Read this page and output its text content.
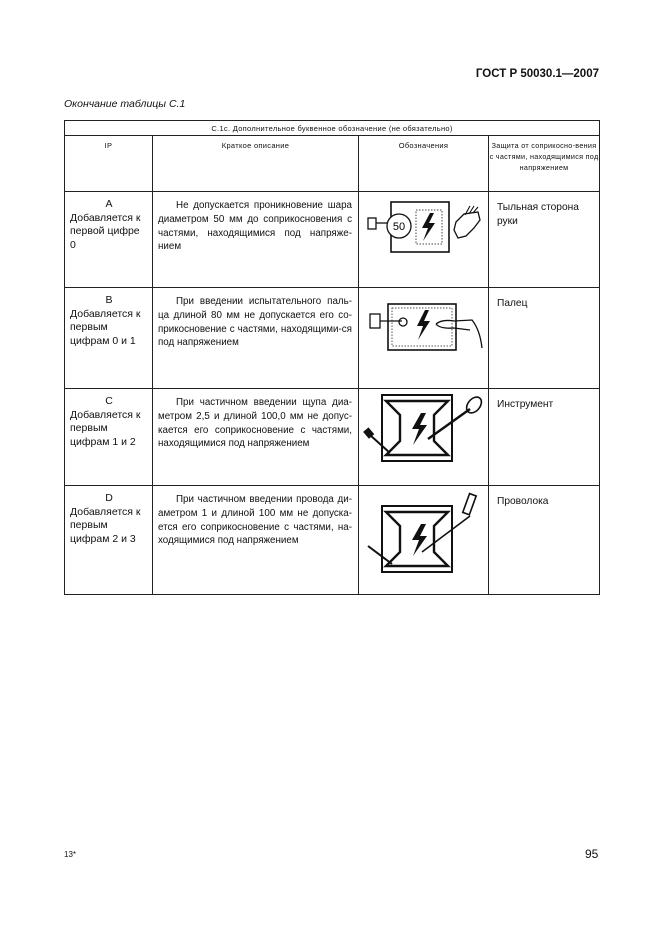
ГОСТ Р 50030.1—2007
Окончание таблицы С.1
С.1с. Дополнительное буквенное обозначение (не обязательно)			
IP	Краткое описание	Обозначения	Защита от соприкосно-вения с частями, находящимися под напряжением

A
Добавляется к первой цифре 0	Не допускается проникновение шара диаметром 50 мм до соприкосновения с частями, находящимися под напряже-нием	50	Тыльная сторона руки

B
Добавляется к первым цифрам 0 и 1	При введении испытательного паль-ца длиной 80 мм не допускается его со-прикосновение с частями, находящими-ся под напряжением		Палец

C
Добавляется к первым цифрам 1 и 2	При частичном введении щупа диа-метром 2,5 и длиной 100,0 мм не допус-кается его соприкосновение с частями, находящимися под напряжением		Инструмент

D
Добавляется к первым цифрам 2 и 3	При частичном введении провода ди-аметром 1 и длиной 100 мм не допуска-ется его соприкосновение с частями, на-ходящимися под напряжением		Проволока
13*	95
